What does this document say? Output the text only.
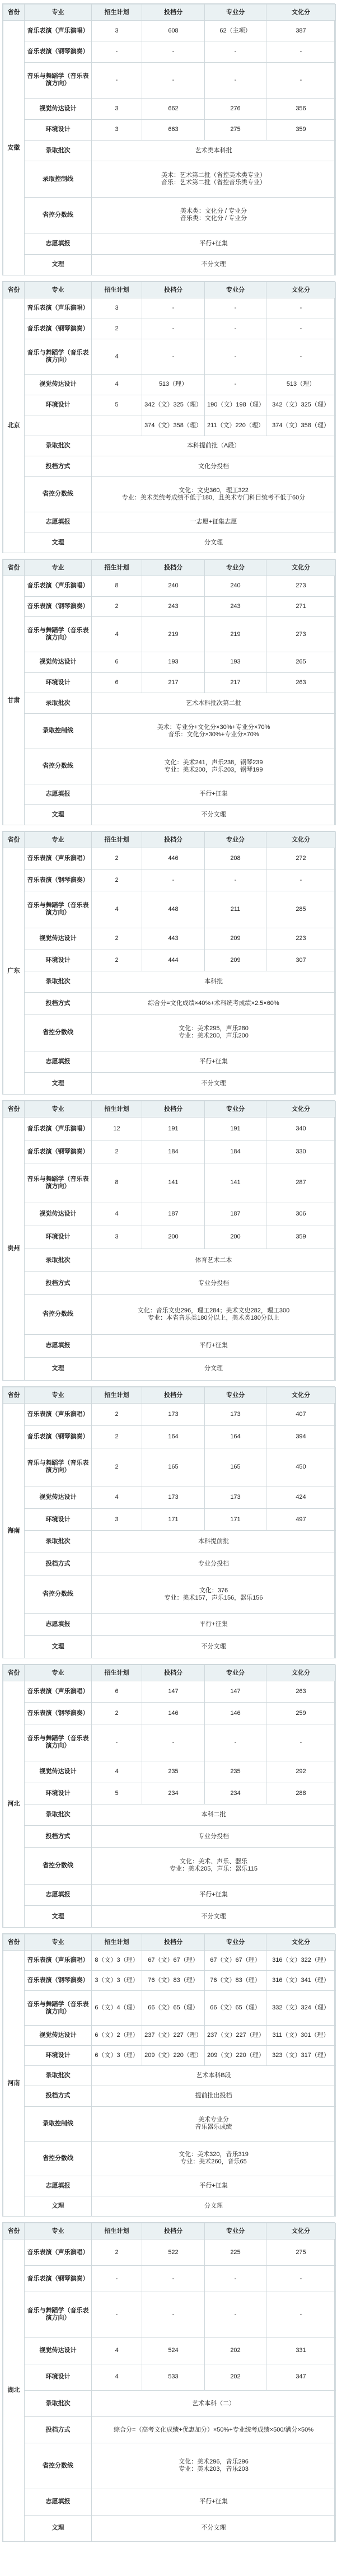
省份	专业	招生计划	投档分	专业分	文化分
安徽	音乐表演（声乐演唱）	3	608	62（主项）	387
	音乐表演（钢琴演奏）	-	-	-	-
	音乐与舞蹈学（音乐表演方向）	-	-	-	-
	视觉传达设计	3	662	276	356
	环境设计	3	663	275	359
	录取批次	艺术类本科批			
	录取控制线	美术：艺术第二批（省控美术类专业）
音乐：艺术第二批（省控音乐类专业）			
	省控分数线	美术类：文化分 / 专业分
音乐类：文化分 / 专业分			
	志愿填报	平行+征集			
	文理	不分文理			
省份	专业	招生计划	投档分	专业分	文化分
北京	音乐表演（声乐演唱）	3	-	-	-
	音乐表演（钢琴演奏）	2	-	-	-
	音乐与舞蹈学（音乐表演方向）	4	-	-	-
	视觉传达设计	4	513（理）	-	513（理）
	环境设计	5	342（文）325（理）	190（文）198（理）	342（文）325（理）
			374（文）358（理）	211（文）220（理）	374（文）358（理）
	录取批次	本科提前批（A段）			
	投档方式	文化分投档			
	省控分数线	文化：文史360，理工322
专业：美术类统考成绩不低于180，且美术专门科目统考不低于60分			
	志愿填报	一志愿+征集志愿			
	文理	分文理			
省份	专业	招生计划	投档分	专业分	文化分
甘肃	音乐表演（声乐演唱）	8	240	240	273
	音乐表演（钢琴演奏）	2	243	243	271
	音乐与舞蹈学（音乐表演方向）	4	219	219	273
	视觉传达设计	6	193	193	265
	环境设计	6	217	217	263
	录取批次	艺术本科批次第二批			
	录取控制线	美术：专业分+文化分×30%+专业分×70%
音乐：文化分×30%+专业分×70%			
	省控分数线	文化：美术241，声乐238，钢琴239
专业：美术200，声乐203，钢琴199			
	志愿填报	平行+征集			
	文理	不分文理			
省份	专业	招生计划	投档分	专业分	文化分
广东	音乐表演（声乐演唱）	2	446	208	272
	音乐表演（钢琴演奏）	2	-	-	-
	音乐与舞蹈学（音乐表演方向）	4	448	211	285
	视觉传达设计	2	443	209	223
	环境设计	2	444	209	307
	录取批次	本科批			
	投档方式	综合分=文化成绩×40%+术科统考成绩×2.5×60%			
	省控分数线	文化：美术295，声乐280
专业：美术200，声乐200			
	志愿填报	平行+征集			
	文理	不分文理			
省份	专业	招生计划	投档分	专业分	文化分
贵州	音乐表演（声乐演唱）	12	191	191	340
	音乐表演（钢琴演奏）	2	184	184	330
	音乐与舞蹈学（音乐表演方向）	8	141	141	287
	视觉传达设计	4	187	187	306
	环境设计	3	200	200	359
	录取批次	体育艺术二本			
	投档方式	专业分投档			
	省控分数线	文化：音乐文史296，理工284；美术文史282，理工300
专业：本省音乐类180分以上，美术类180分以上			
	志愿填报	平行+征集			
	文理	分文理			
省份	专业	招生计划	投档分	专业分	文化分
海南	音乐表演（声乐演唱）	2	173	173	407
	音乐表演（钢琴演奏）	2	164	164	394
	音乐与舞蹈学（音乐表演方向）	2	165	165	450
	视觉传达设计	4	173	173	424
	环境设计	3	171	171	497
	录取批次	本科提前批			
	投档方式	专业分投档			
	省控分数线	文化：376
专业：美术157，声乐156，器乐156			
	志愿填报	平行+征集			
	文理	不分文理			
省份	专业	招生计划	投档分	专业分	文化分
河北	音乐表演（声乐演唱）	6	147	147	263
	音乐表演（钢琴演奏）	2	146	146	259
	音乐与舞蹈学（音乐表演方向）	-	-	-	-
	视觉传达设计	4	235	235	292
	环境设计	5	234	234	288
	录取批次	本科二批			
	投档方式	专业分投档			
	省控分数线	文化：美术、声乐、器乐
专业：美术205，声乐：器乐115			
	志愿填报	平行+征集			
	文理	不分文理			
省份	专业	招生计划	投档分	专业分	文化分
河南	音乐表演（声乐演唱）	8（文）3（理）	67（文）67（理）	67（文）67（理）	316（文）322（理）
	音乐表演（钢琴演奏）	3（文）3（理）	76（文）83（理）	76（文）83（理）	316（文）341（理）
	音乐与舞蹈学（音乐表演方向）	6（文）4（理）	66（文）65（理）	66（文）65（理）	332（文）324（理）
	视觉传达设计	6（文）2（理）	237（文）227（理）	237（文）227（理）	311（文）301（理）
	环境设计	6（文）3（理）	209（文）220（理）	209（文）220（理）	323（文）317（理）
	录取批次	艺术本科B段			
	投档方式	提前批出投档			
	录取控制线	美术专业分
音乐器乐成绩			
	省控分数线	文化：美术320，音乐319
专业：美术260，音乐65			
	志愿填报	平行+征集			
	文理	分文理			
省份	专业	招生计划	投档分	专业分	文化分
湖北	音乐表演（声乐演唱）	2	522	225	275
	音乐表演（钢琴演奏）	-	-	-	-
	音乐与舞蹈学（音乐表演方向）	-	-	-	-
	视觉传达设计	4	524	202	331
	环境设计	4	533	202	347
	录取批次	艺术本科（二）			
	投档方式	综合分=（高考文化成绩+优惠加分）×50%+专业统考成绩×500/满分×50%			
	省控分数线	文化：美术296，音乐296
专业：美术203，音乐203			
	志愿填报	平行+征集			
	文理	不分文理			
